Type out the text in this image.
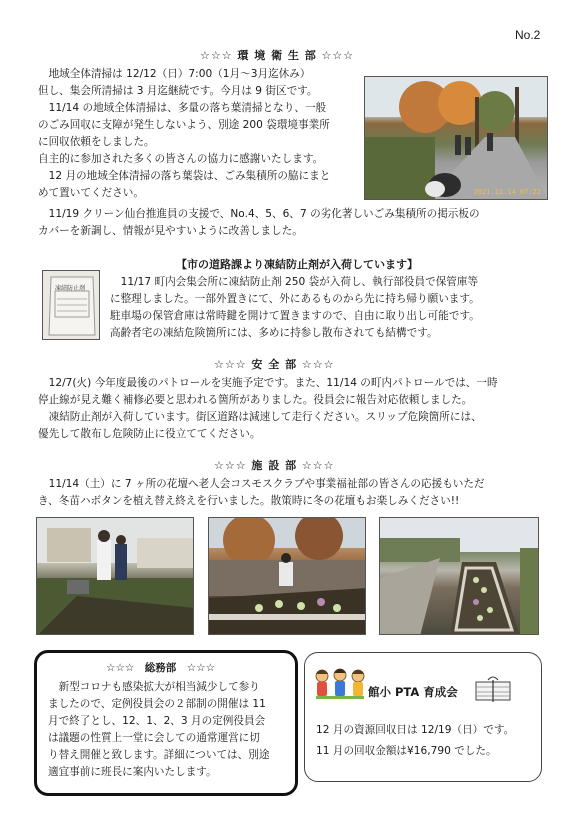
No.2
☆☆☆ 環 境 衛 生 部 ☆☆☆
　地域全体清掃は 12/12（日）7:00（1月～3月迄休み）
但し、集会所清掃は 3 月迄継続です。今月は 9 街区です。
　11/14 の地域全体清掃は、多量の落ち葉清掃となり、一般
のごみ回収に支障が発生しないよう、別途 200 袋環境事業所
に回収依頼をしました。
自主的に参加された多くの皆さんの協力に感謝いたします。
　12 月の地域全体清掃の落ち葉袋は、ごみ集積所の脇にまと
めて置いてください。
　11/19 クリーン仙台推進員の支援で、No.4、5、6、7 の劣化著しいごみ集積所の掲示板の
カバーを新調し、情報が見やすいように改善しました。
2021.11.14 07:22
【市の道路課より凍結防止剤が入荷しています】
凍結防止剤
　11/17 町内会集会所に凍結防止剤 250 袋が入荷し、執行部役員で保管庫等
に整理しました。一部外置きにて、外にあるものから先に持ち帰り願います。
駐車場の保管倉庫は常時鍵を開けて置きますので、自由に取り出し可能です。
高齢者宅の凍結危険箇所には、多めに持参し散布されても結構です。
☆☆☆ 安 全 部 ☆☆☆
　12/7(火) 今年度最後のパトロールを実施予定です。また、11/14 の町内パトロールでは、一時
停止線が見え難く補修必要と思われる箇所がありました。役員会に報告対応依頼しました。
　凍結防止剤が入荷しています。街区道路は減速して走行ください。スリップ危険箇所には、
優先して散布し危険防止に役立ててください。
☆☆☆ 施 設 部 ☆☆☆
　11/14（土）に 7 ヶ所の花壇へ老人会コスモスクラブや事業福祉部の皆さんの応援もいただ
き、冬苗ハボタンを植え替え終えを行いました。散策時に冬の花壇もお楽しみください!!
☆☆☆　総務部　☆☆☆
　新型コロナも感染拡大が相当減少して参り
ましたので、定例役員会の２部制の開催は 11
月で終了とし、12、1、2、3 月の定例役員会
は議題の性質上一堂に会しての通常運営に切
り替え開催と致します。詳細については、別途
適宜事前に班長に案内いたします。
館小 PTA 育成会
12 月の資源回収日は 12/19（日）です。
11 月の回収金額は¥16,790 でした。
